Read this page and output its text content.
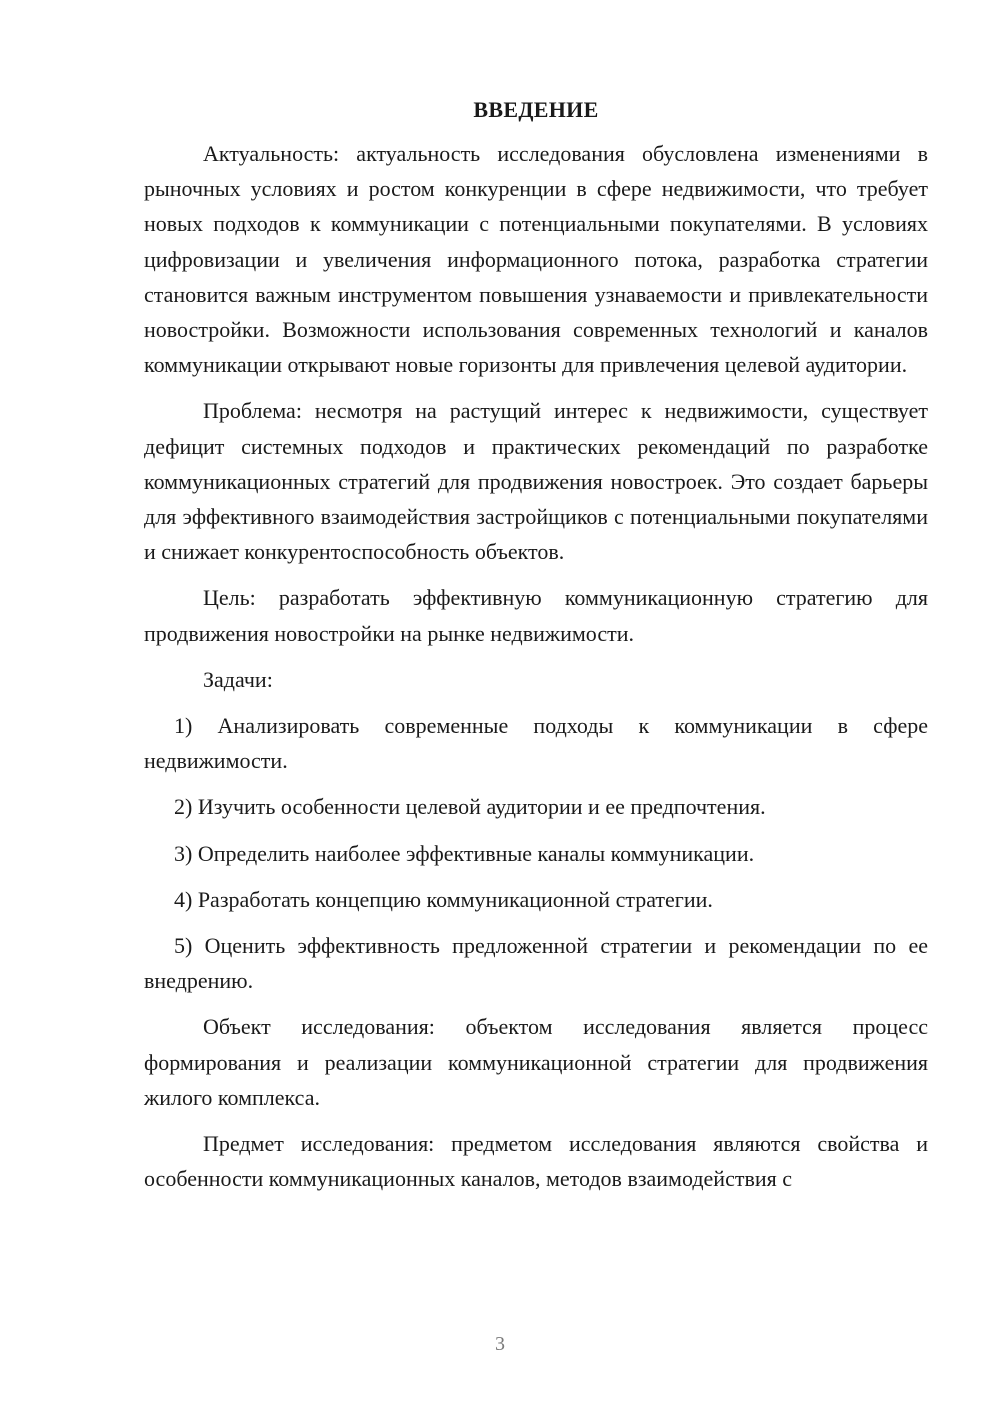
ВВЕДЕНИЕ

Актуальность: актуальность исследования обусловлена изменениями в рыночных условиях и ростом конкуренции в сфере недвижимости, что требует новых подходов к коммуникации с потенциальными покупателями. В условиях цифровизации и увеличения информационного потока, разработка стратегии становится важным инструментом повышения узнаваемости и привлекательности новостройки. Возможности использования современных технологий и каналов коммуникации открывают новые горизонты для привлечения целевой аудитории.

Проблема: несмотря на растущий интерес к недвижимости, существует дефицит системных подходов и практических рекомендаций по разработке коммуникационных стратегий для продвижения новостроек. Это создает барьеры для эффективного взаимодействия застройщиков с потенциальными покупателями и снижает конкурентоспособность объектов.

Цель: разработать эффективную коммуникационную стратегию для продвижения новостройки на рынке недвижимости.

Задачи:

1) Анализировать современные подходы к коммуникации в сфере недвижимости.

2) Изучить особенности целевой аудитории и ее предпочтения.

3) Определить наиболее эффективные каналы коммуникации.

4) Разработать концепцию коммуникационной стратегии.

5) Оценить эффективность предложенной стратегии и рекомендации по ее внедрению.

Объект исследования: объектом исследования является процесс формирования и реализации коммуникационной стратегии для продвижения жилого комплекса.

Предмет исследования: предметом исследования являются свойства и особенности коммуникационных каналов, методов взаимодействия с

3
